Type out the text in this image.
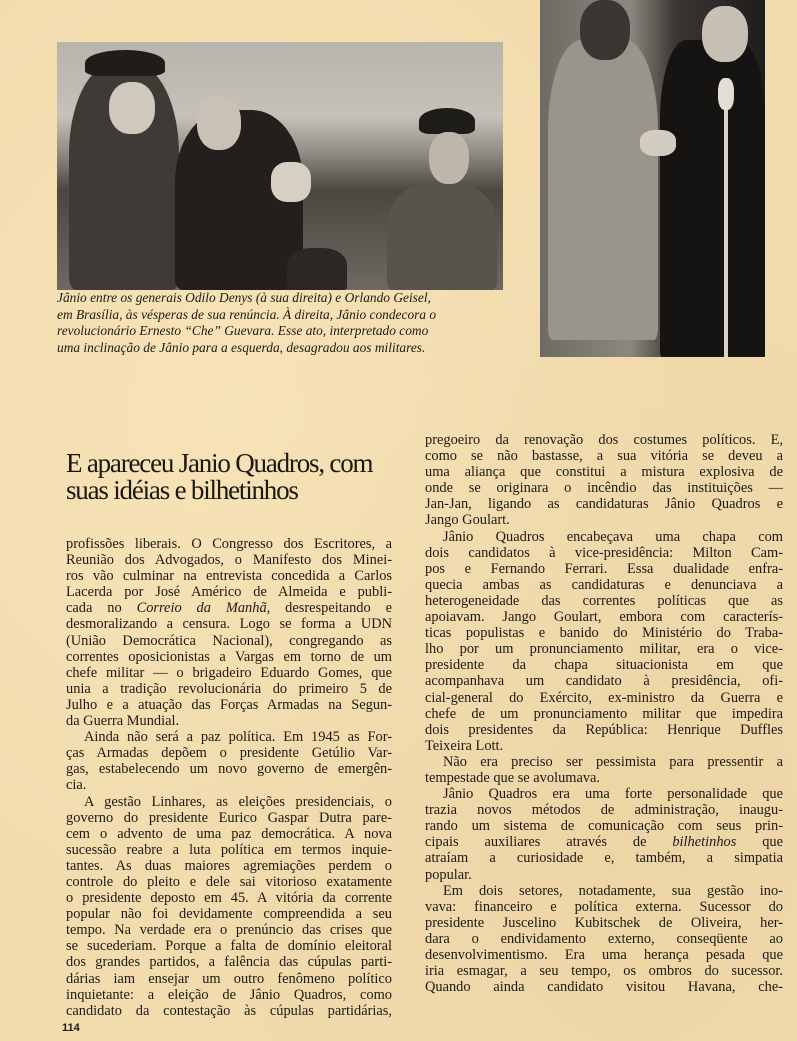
Jânio entre os generais Odilo Denys (à sua direita) e Orlando Geisel,
em Brasília, às vésperas de sua renúncia. À direita, Jânio condecora o
revolucionário Ernesto “Che” Guevara. Esse ato, interpretado como
uma inclinação de Jânio para a esquerda, desagradou aos militares.
E apareceu Janio Quadros, com
suas idéias e bilhetinhos
profissões liberais. O Congresso dos Escritores, a
Reunião dos Advogados, o Manifesto dos Minei-
ros vão culminar na entrevista concedida a Carlos
Lacerda por José Américo de Almeida e publi-
cada no Correio da Manhã, desrespeitando e
desmoralizando a censura. Logo se forma a UDN
(União Democrática Nacional), congregando as
correntes oposicionistas a Vargas em torno de um
chefe militar — o brigadeiro Eduardo Gomes, que
unia a tradição revolucionária do primeiro 5 de
Julho e a atuação das Forças Armadas na Segun-
da Guerra Mundial.
Ainda não será a paz política. Em 1945 as For-
ças Armadas depõem o presidente Getúlio Var-
gas, estabelecendo um novo governo de emergên-
cia.
A gestão Linhares, as eleições presidenciais, o
governo do presidente Eurico Gaspar Dutra pare-
cem o advento de uma paz democrática. A nova
sucessão reabre a luta política em termos inquie-
tantes. As duas maiores agremiações perdem o
controle do pleito e dele sai vitorioso exatamente
o presidente deposto em 45. A vitória da corrente
popular não foi devidamente compreendida a seu
tempo. Na verdade era o prenúncio das crises que
se sucederiam. Porque a falta de domínio eleitoral
dos grandes partidos, a falência das cúpulas parti-
dárias iam ensejar um outro fenômeno político
inquietante: a eleição de Jânio Quadros, como
candidato da contestação às cúpulas partidárias,
pregoeiro da renovação dos costumes políticos. E,
como se não bastasse, a sua vitória se deveu a
uma aliança que constitui a mistura explosiva de
onde se originara o incêndio das instituições —
Jan-Jan, ligando as candidaturas Jânio Quadros e
Jango Goulart.
Jânio Quadros encabeçava uma chapa com
dois candidatos à vice-presidência: Milton Cam-
pos e Fernando Ferrari. Essa dualidade enfra-
quecia ambas as candidaturas e denunciava a
heterogeneidade das correntes políticas que as
apoiavam. Jango Goulart, embora com caracterís-
ticas populistas e banido do Ministério do Traba-
lho por um pronunciamento militar, era o vice-
presidente da chapa situacionista em que
acompanhava um candidato à presidência, ofi-
cial-general do Exército, ex-ministro da Guerra e
chefe de um pronunciamento militar que impedira
dois presidentes da República: Henrique Duffles
Teixeira Lott.
Não era preciso ser pessimista para pressentir a
tempestade que se avolumava.
Jânio Quadros era uma forte personalidade que
trazia novos métodos de administração, inaugu-
rando um sistema de comunicação com seus prin-
cipais auxiliares através de bilhetinhos que
atraíam a curiosidade e, também, a simpatia
popular.
Em dois setores, notadamente, sua gestão ino-
vava: financeiro e política externa. Sucessor do
presidente Juscelino Kubitschek de Oliveira, her-
dara o endividamento externo, conseqüente ao
desenvolvimentismo. Era uma herança pesada que
iria esmagar, a seu tempo, os ombros do sucessor.
Quando ainda candidato visitou Havana, che-
114
